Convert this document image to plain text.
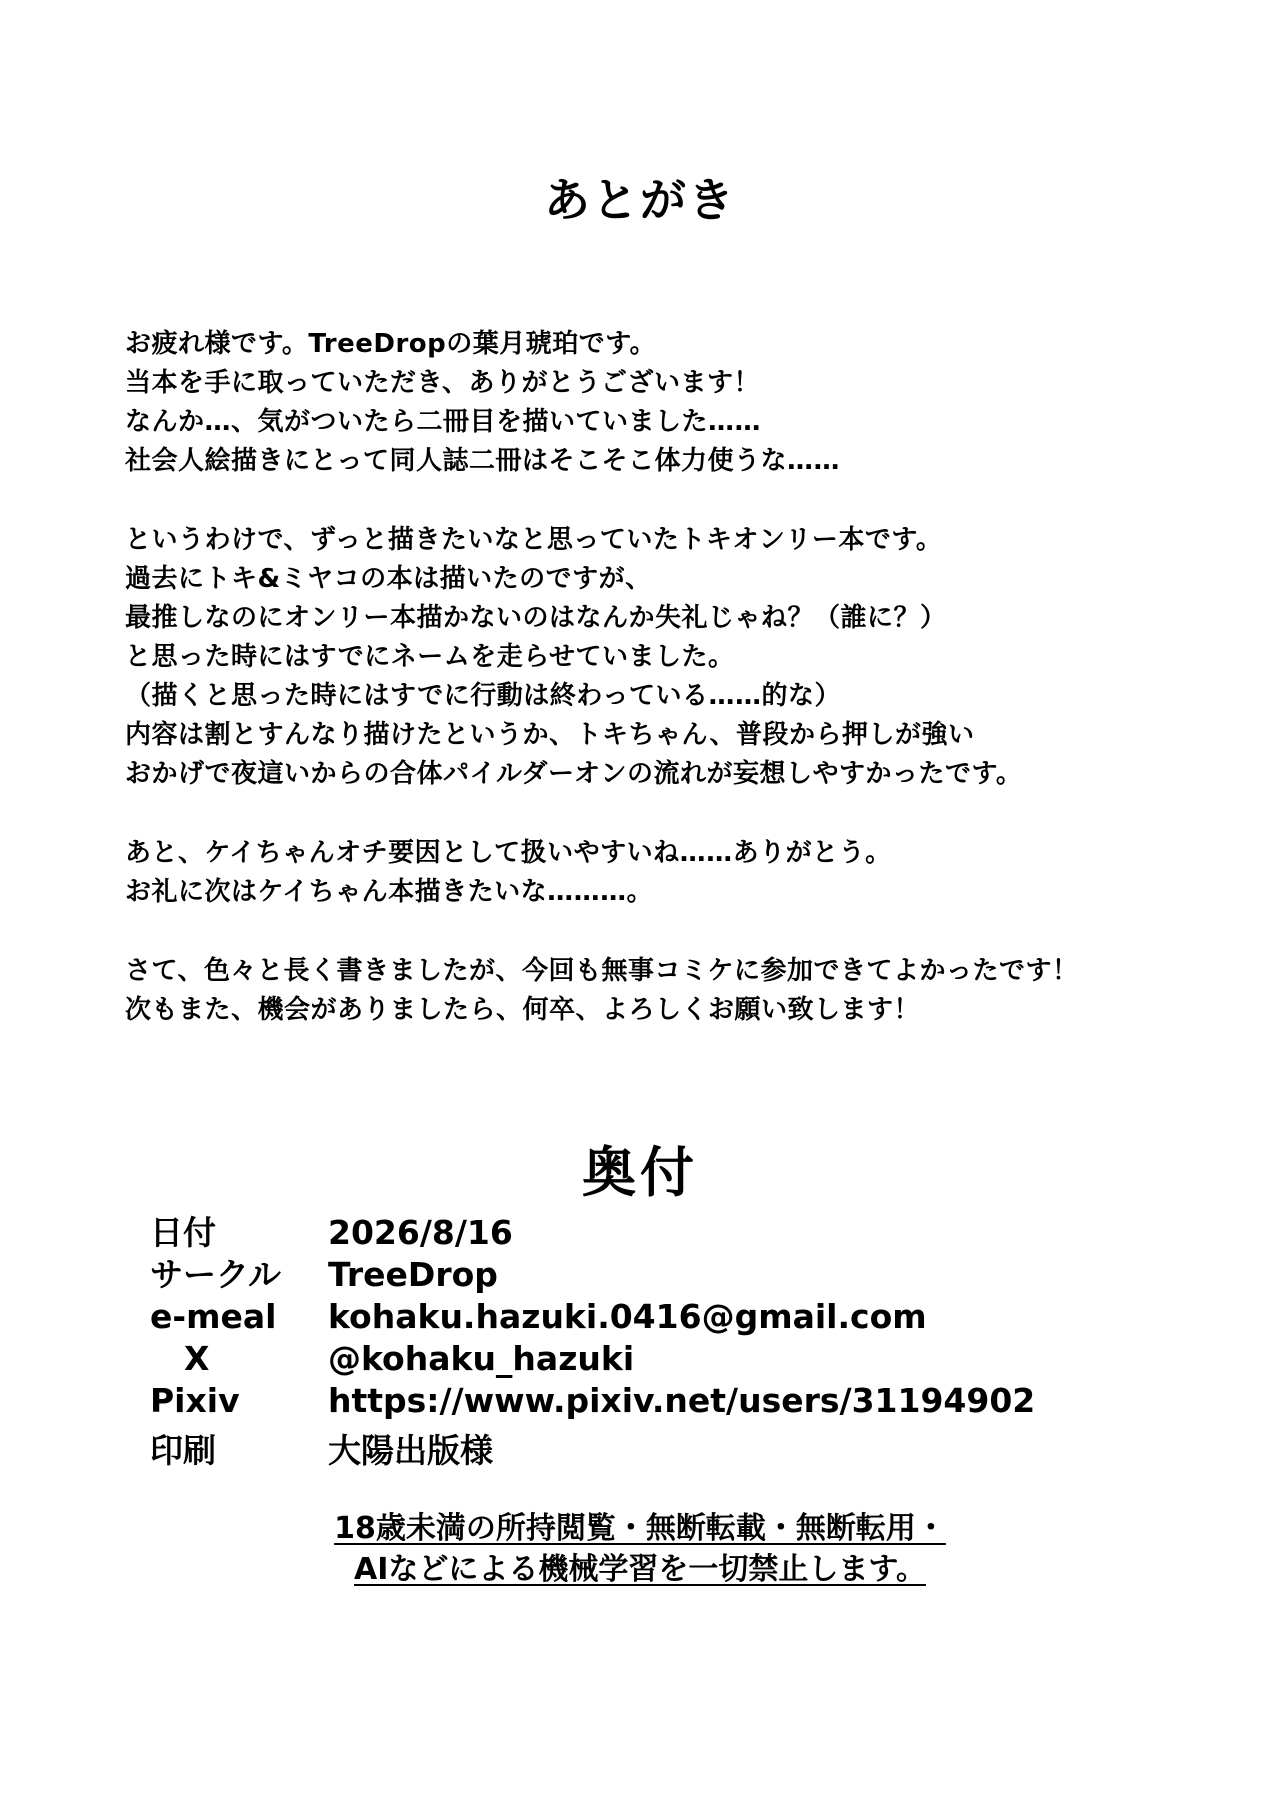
あとがき
お疲れ様です。TreeDropの葉月琥珀です。
当本を手に取っていただき、ありがとうございます！
なんか…、気がついたら二冊目を描いていました……
社会人絵描きにとって同人誌二冊はそこそこ体力使うな……
というわけで、ずっと描きたいなと思っていたトキオンリー本です。
過去にトキ&ミヤコの本は描いたのですが、
最推しなのにオンリー本描かないのはなんか失礼じゃね？（誰に？）
と思った時にはすでにネームを走らせていました。
（描くと思った時にはすでに行動は終わっている……的な）
内容は割とすんなり描けたというか、トキちゃん、普段から押しが強い
おかげで夜這いからの合体パイルダーオンの流れが妄想しやすかったです。
あと、ケイちゃんオチ要因として扱いやすいね……ありがとう。
お礼に次はケイちゃん本描きたいな………。
さて、色々と長く書きましたが、今回も無事コミケに参加できてよかったです！
次もまた、機会がありましたら、何卒、よろしくお願い致します！
奥付
日付	2026/8/16
サークル TreeDrop
e-meal kohaku.hazuki.0416@gmail.com
X	@kohaku_hazuki
Pixiv	https://www.pixiv.net/users/31194902
印刷	大陽出版様
18歳未満の所持閲覧・無断転載・無断転用・
AIなどによる機械学習を一切禁止します。
